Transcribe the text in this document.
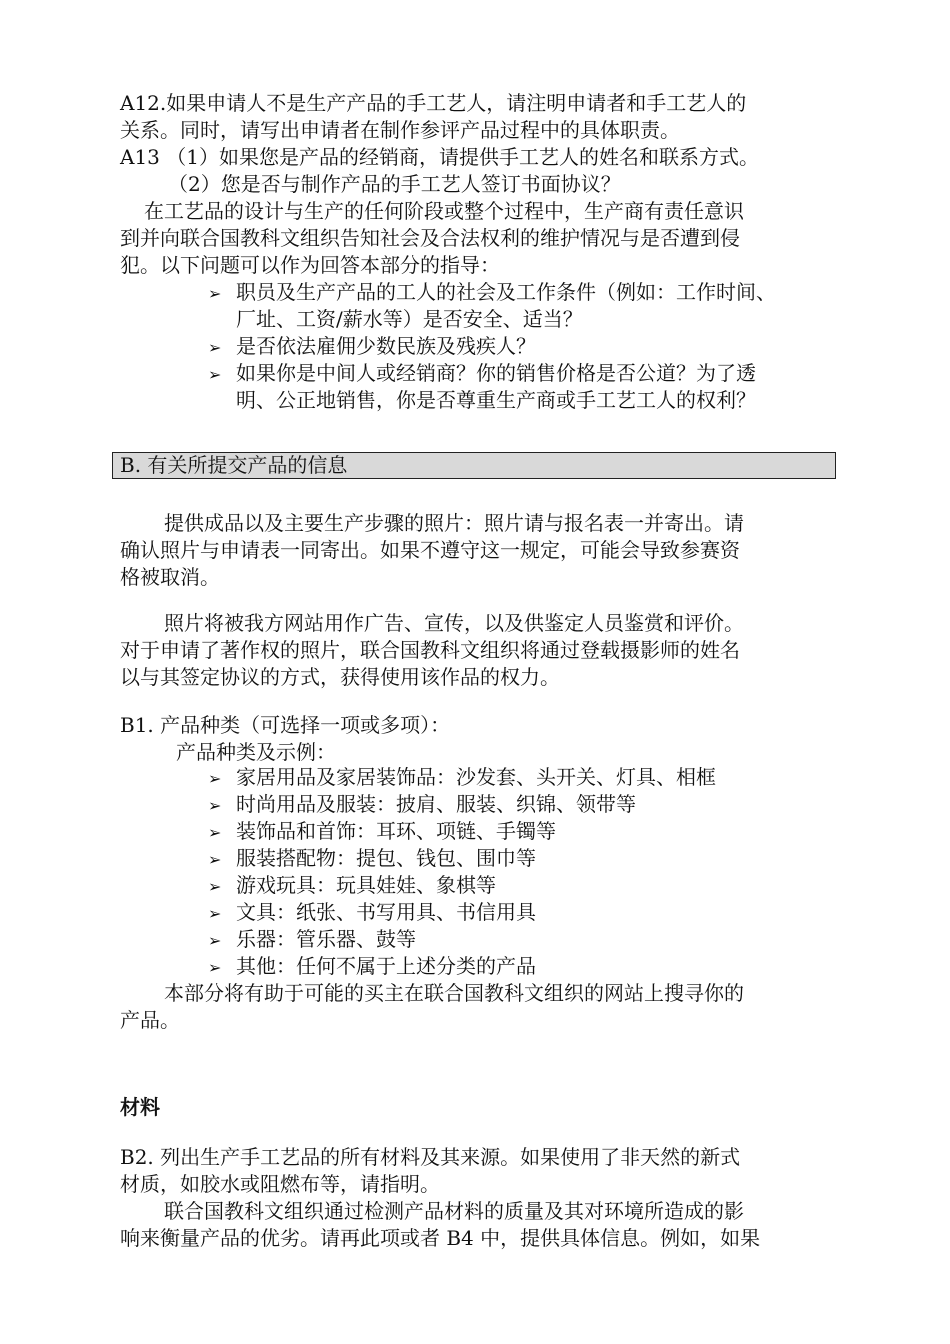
A12.如果申请人不是生产产品的手工艺人，请注明申请者和手工艺人的
关系。同时，请写出申请者在制作参评产品过程中的具体职责。
A13 （1）如果您是产品的经销商，请提供手工艺人的姓名和联系方式。
（2）您是否与制作产品的手工艺人签订书面协议？
在工艺品的设计与生产的任何阶段或整个过程中，生产商有责任意识
到并向联合国教科文组织告知社会及合法权利的维护情况与是否遭到侵
犯。以下问题可以作为回答本部分的指导：
➢ 职员及生产产品的工人的社会及工作条件（例如：工作时间、
厂址、工资/薪水等）是否安全、适当？
➢ 是否依法雇佣少数民族及残疾人？
➢ 如果你是中间人或经销商？你的销售价格是否公道？为了透
明、公正地销售，你是否尊重生产商或手工艺工人的权利？
B. 有关所提交产品的信息
提供成品以及主要生产步骤的照片：照片请与报名表一并寄出。请
确认照片与申请表一同寄出。如果不遵守这一规定，可能会导致参赛资
格被取消。
照片将被我方网站用作广告、宣传，以及供鉴定人员鉴赏和评价。
对于申请了著作权的照片，联合国教科文组织将通过登载摄影师的姓名
以与其签定协议的方式，获得使用该作品的权力。
B1. 产品种类（可选择一项或多项）：
产品种类及示例：
➢ 家居用品及家居装饰品：沙发套、头开关、灯具、相框
➢ 时尚用品及服装：披肩、服装、织锦、领带等
➢ 装饰品和首饰：耳环、项链、手镯等
➢ 服装搭配物：提包、钱包、围巾等
➢ 游戏玩具：玩具娃娃、象棋等
➢ 文具：纸张、书写用具、书信用具
➢ 乐器：管乐器、鼓等
➢ 其他：任何不属于上述分类的产品
本部分将有助于可能的买主在联合国教科文组织的网站上搜寻你的
产品。
材料
B2. 列出生产手工艺品的所有材料及其来源。如果使用了非天然的新式
材质，如胶水或阻燃布等，请指明。
联合国教科文组织通过检测产品材料的质量及其对环境所造成的影
响来衡量产品的优劣。请再此项或者 B4 中，提供具体信息。例如，如果
